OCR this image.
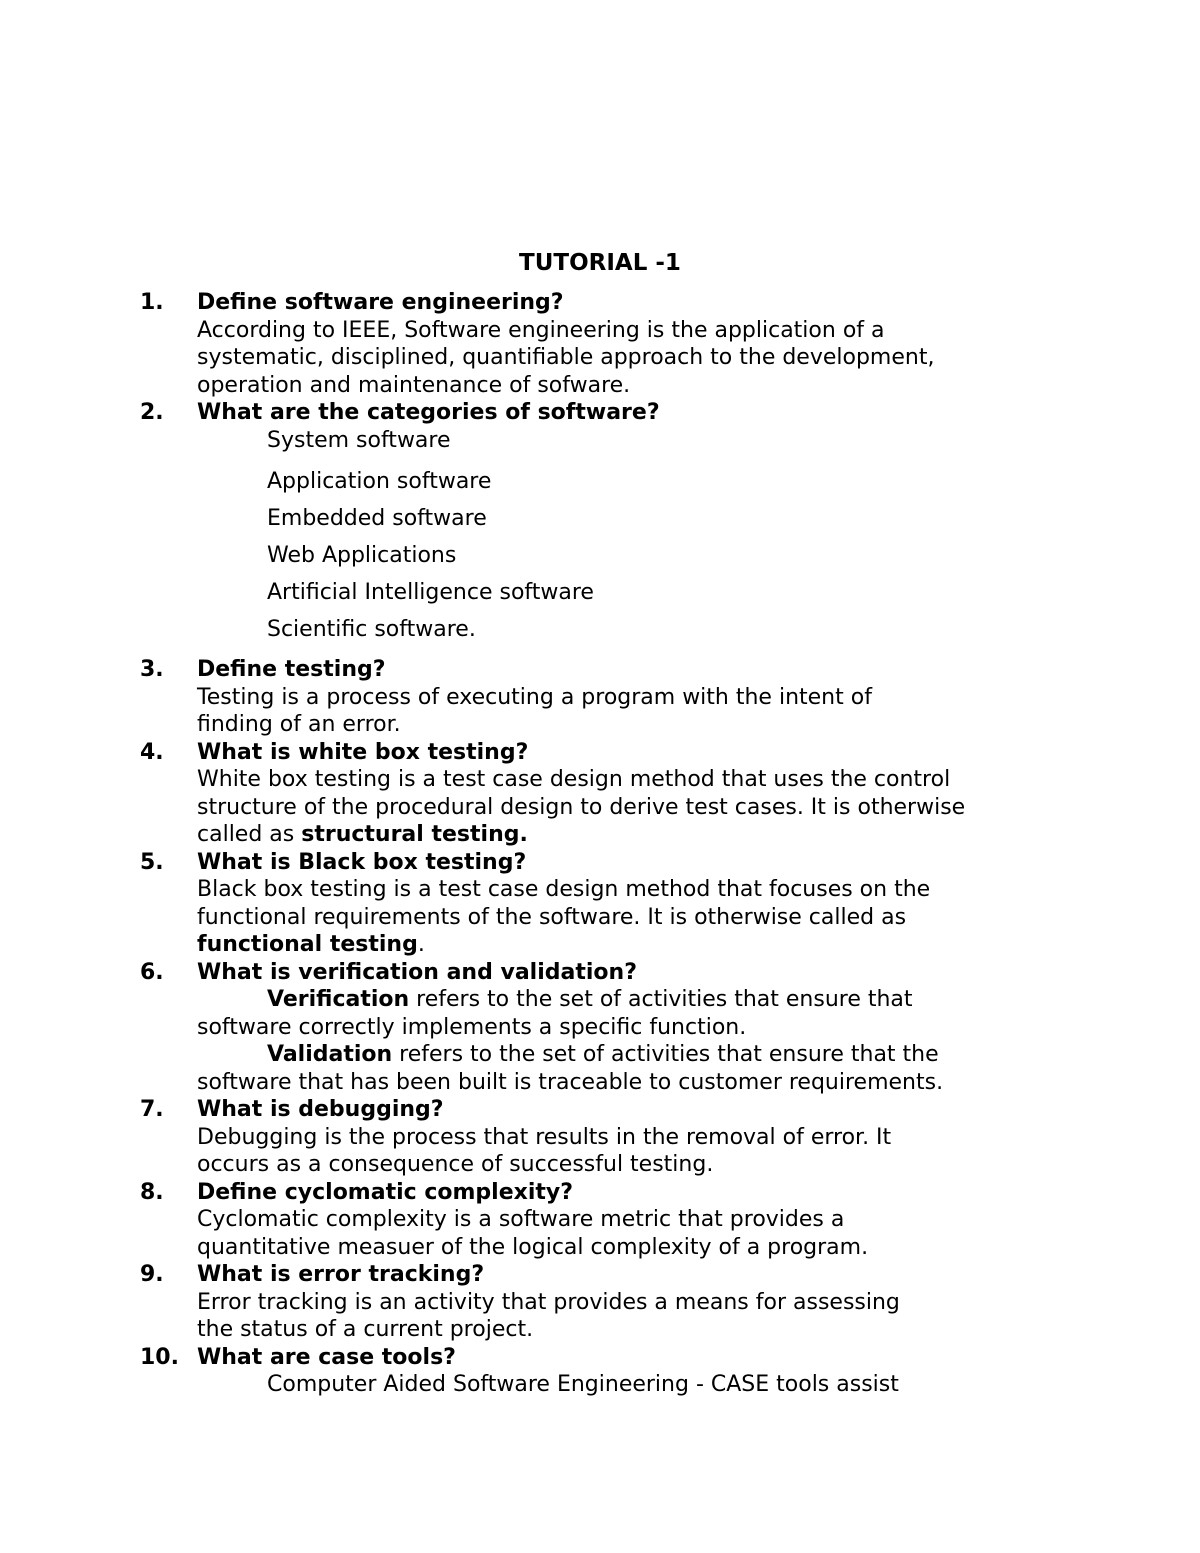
TUTORIAL -1
1. Define software engineering?
According to IEEE, Software engineering is the application of a systematic, disciplined, quantifiable approach to the development, operation and maintenance of sofware.
2. What are the categories of software?
System software
Application software
Embedded software
Web Applications
Artificial Intelligence software
Scientific software.
3. Define testing?
Testing is a process of executing a program with the intent of finding of an error.
4. What is white box testing?
White box testing is a test case design method that uses the control structure of the procedural design to derive test cases. It is otherwise called as structural testing.
5. What is Black box testing?
Black box testing is a test case design method that focuses on the functional requirements of the software. It is otherwise called as functional testing.
6. What is verification and validation?
Verification refers to the set of activities that ensure that software correctly implements a specific function.
Validation refers to the set of activities that ensure that the software that has been built is traceable to customer requirements.
7. What is debugging?
Debugging is the process that results in the removal of error. It occurs as a consequence of successful testing.
8. Define cyclomatic complexity?
Cyclomatic complexity is a software metric that provides a quantitative measuer of the logical complexity of a program.
9. What is error tracking?
Error tracking is an activity that provides a means for assessing the status of a current project.
10. What are case tools?
Computer Aided Software Engineering - CASE tools assist
